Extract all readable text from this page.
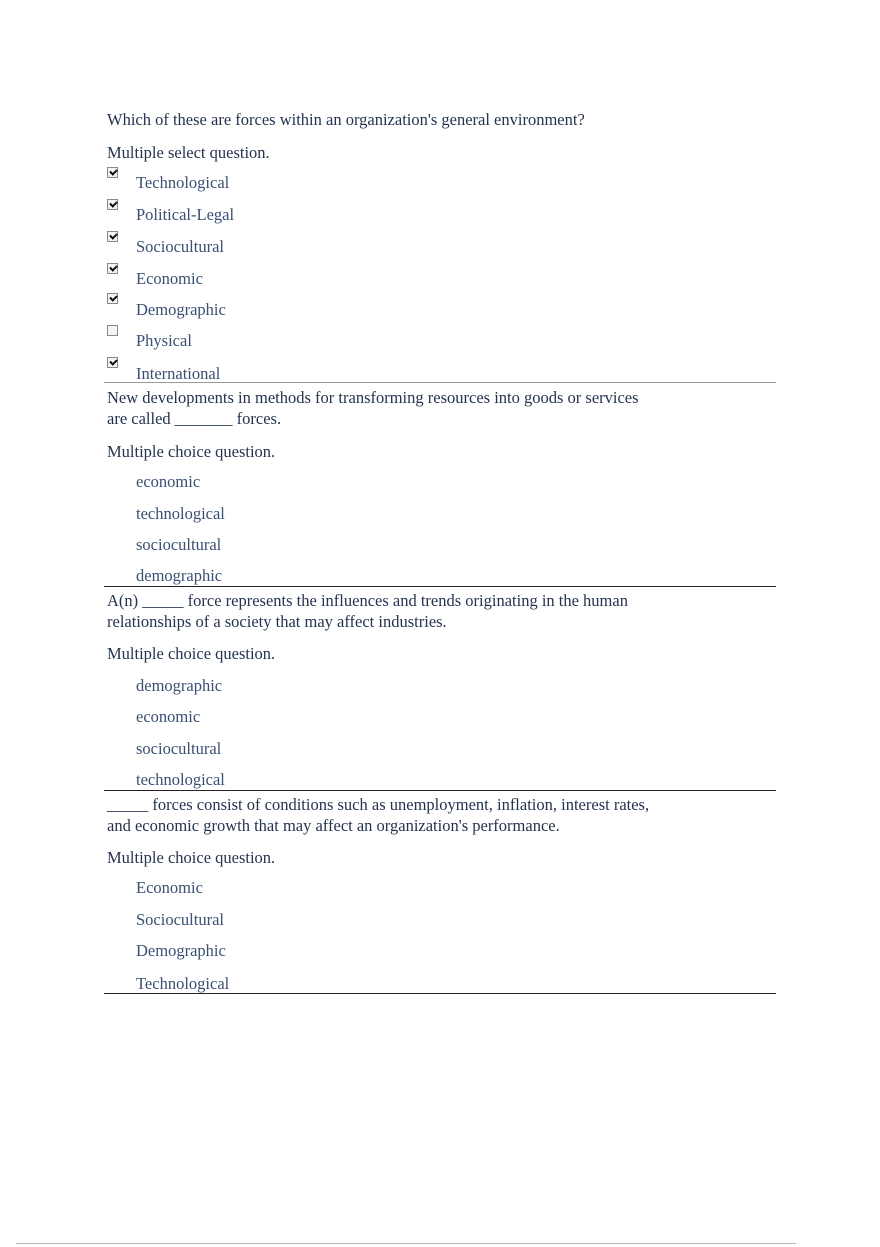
Which of these are forces within an organization's general environment?

Multiple select question.

Technological
Political-Legal
Sociocultural
Economic
Demographic
Physical
International

New developments in methods for transforming resources into goods or services

are called _______ forces.

Multiple choice question.

economic
technological
sociocultural
demographic

A(n) _____ force represents the influences and trends originating in the human

relationships of a society that may affect industries.

Multiple choice question.

demographic
economic
sociocultural
technological

_____ forces consist of conditions such as unemployment, inflation, interest rates,

and economic growth that may affect an organization's performance.

Multiple choice question.

Economic
Sociocultural
Demographic
Technological
